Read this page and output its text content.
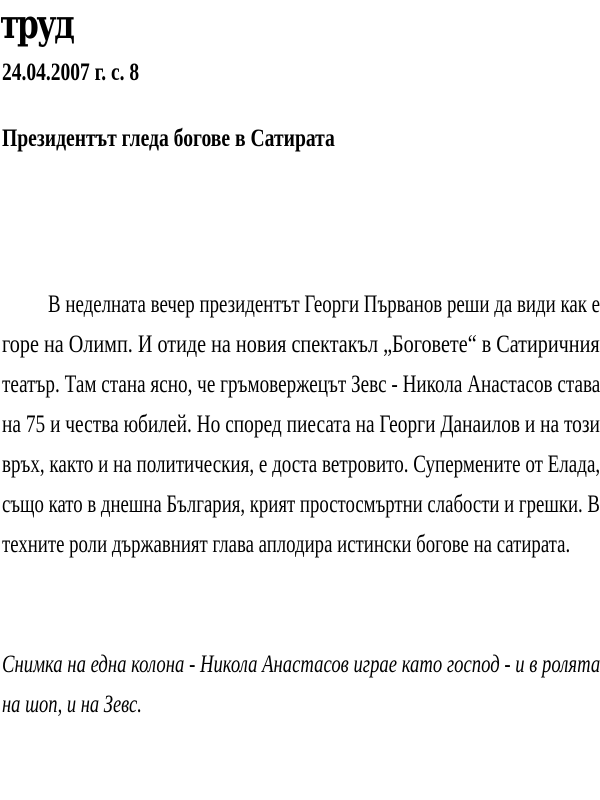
труд
24.04.2007 г. с. 8
Президентът гледа богове в Сатирата
В неделната вечер президентът Георги Първанов реши да види как е
горе на Олимп. И отиде на новия спектакъл „Боговете“ в Сатиричния
театър. Там стана ясно, че гръмовержецът Зевс - Никола Анастасов става
на 75 и чества юбилей. Но според пиесата на Георги Данаилов и на този
връх, както и на политическия, е доста ветровито. Супермените от Елада,
също като в днешна България, крият простосмъртни слабости и грешки. В
техните роли държавният глава аплодира истински богове на сатирата.
Снимка на една колона - Никола Анастасов играе като господ - и в ролята
на шоп, и на Зевс.
